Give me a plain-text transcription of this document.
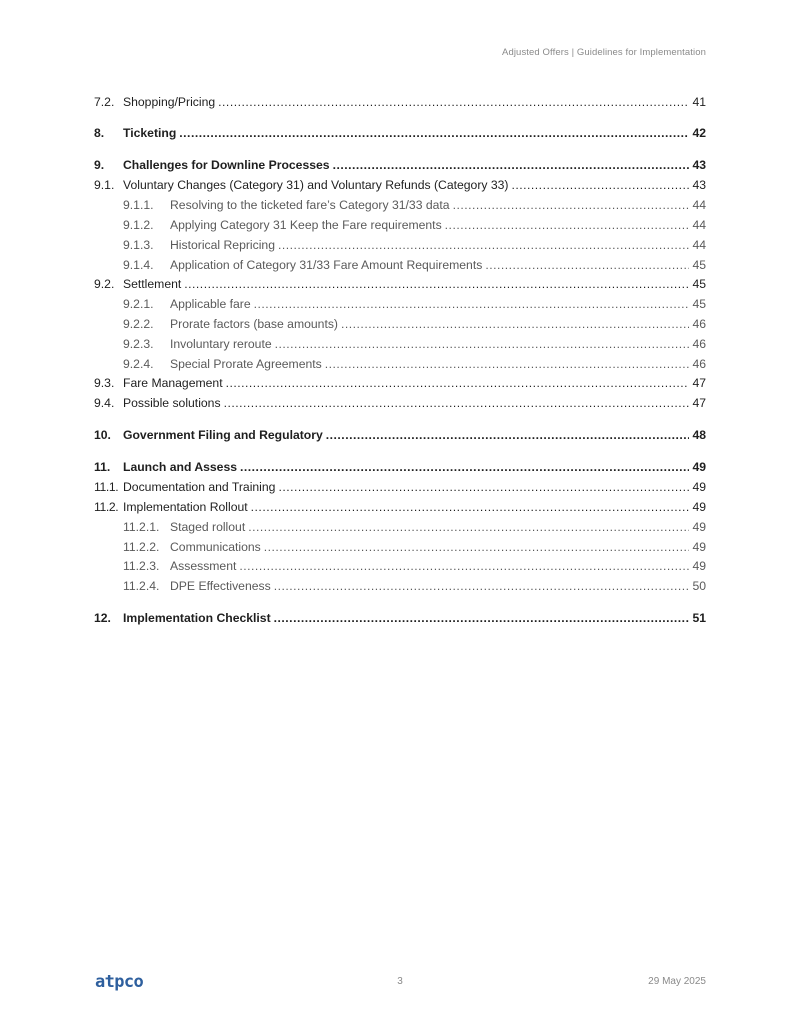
Adjusted Offers | Guidelines for Implementation
7.2. Shopping/Pricing .....	41
8.	Ticketing .....	42
9.	Challenges for Downline Processes .....	43
9.1. Voluntary Changes (Category 31) and Voluntary Refunds (Category 33) .....	43
9.1.1.	Resolving to the ticketed fare’s Category 31/33 data .....	44
9.1.2.	Applying Category 31 Keep the Fare requirements .....	44
9.1.3.	Historical Repricing .....	44
9.1.4.	Application of Category 31/33 Fare Amount Requirements .....	45
9.2. Settlement .....	45
9.2.1.	Applicable fare .....	45
9.2.2.	Prorate factors (base amounts) .....	46
9.2.3.	Involuntary reroute .....	46
9.2.4.	Special Prorate Agreements .....	46
9.3. Fare Management .....	47
9.4. Possible solutions .....	47
10. Government Filing and Regulatory .....	48
11.	Launch and Assess .....	49
11.1. Documentation and Training .....	49
11.2. Implementation Rollout .....	49
11.2.1. Staged rollout .....	49
11.2.2. Communications .....	49
11.2.3. Assessment .....	49
11.2.4. DPE Effectiveness .....	50
12. Implementation Checklist .....	51
atpco	3	29 May 2025
